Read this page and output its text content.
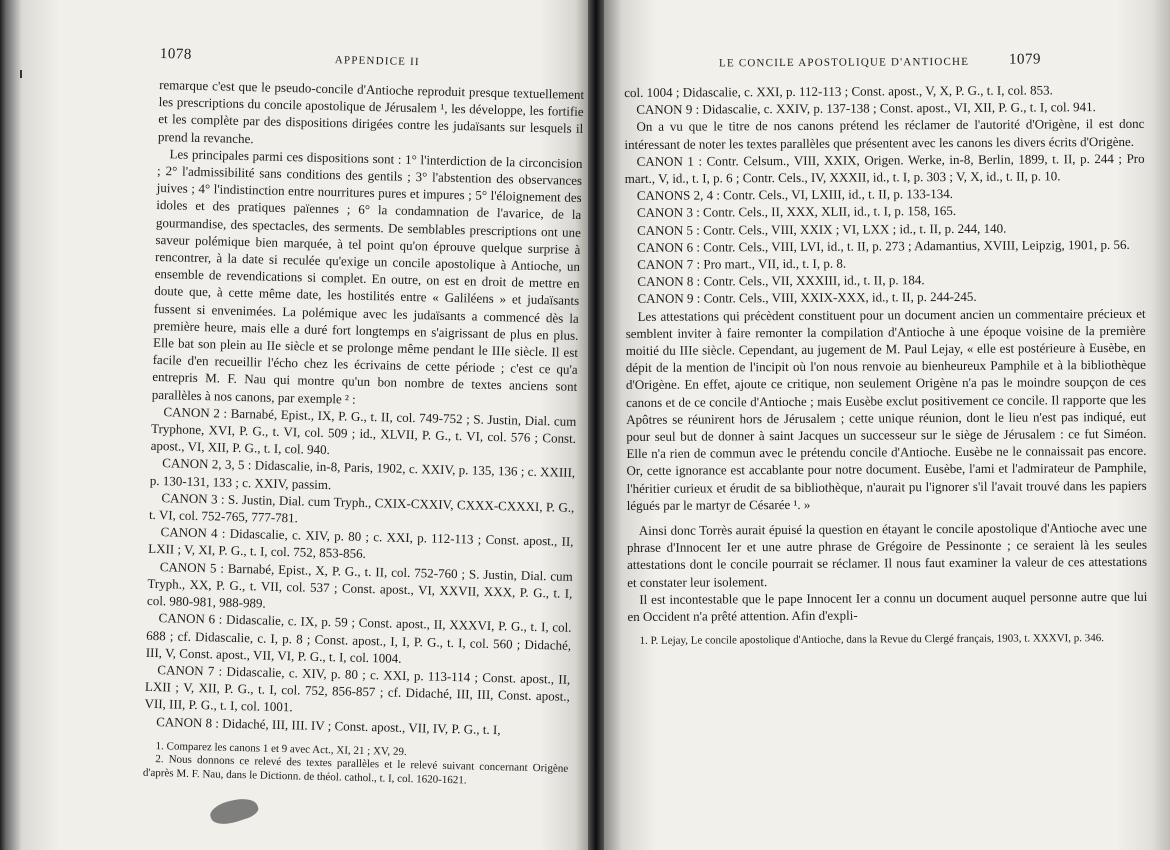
1078	APPENDICE II

remarque c'est que le pseudo-concile d'Antioche reproduit presque textuellement les prescriptions du concile apostolique de Jérusalem ¹, les développe, les fortifie et les complète par des dispositions dirigées contre les judaïsants sur lesquels il prend la revanche.

Les principales parmi ces dispositions sont : 1° l'interdiction de la circoncision ; 2° l'admissibilité sans conditions des gentils ; 3° l'abstention des observances juives ; 4° l'indistinction entre nourritures pures et impures ; 5° l'éloignement des idoles et des pratiques païennes ; 6° la condamnation de l'avarice, de la gourmandise, des spectacles, des serments. De semblables prescriptions ont une saveur polémique bien marquée, à tel point qu'on éprouve quelque surprise à rencontrer, à la date si reculée qu'exige un concile apostolique à Antioche, un ensemble de revendications si complet. En outre, on est en droit de mettre en doute que, à cette même date, les hostilités entre « Galiléens » et judaïsants fussent si envenimées. La polémique avec les judaïsants a commencé dès la première heure, mais elle a duré fort longtemps en s'aigrissant de plus en plus. Elle bat son plein au IIe siècle et se prolonge même pendant le IIIe siècle. Il est facile d'en recueillir l'écho chez les écrivains de cette période ; c'est ce qu'a entrepris M. F. Nau qui montre qu'un bon nombre de textes anciens sont parallèles à nos canons, par exemple ² :

CANON 2 : Barnabé, Epist., IX, P. G., t. II, col. 749-752 ; S. Justin, Dial. cum Tryphone, XVI, P. G., t. VI, col. 509 ; id., XLVII, P. G., t. VI, col. 576 ; Const. apost., VI, XII, P. G., t. I, col. 940.

CANON 2, 3, 5 : Didascalie, in-8, Paris, 1902, c. XXIV, p. 135, 136 ; c. XXIII, p. 130-131, 133 ; c. XXIV, passim.

CANON 3 : S. Justin, Dial. cum Tryph., CXIX-CXXIV, CXXX-CXXXI, P. G., t. VI, col. 752-765, 777-781.

CANON 4 : Didascalie, c. XIV, p. 80 ; c. XXI, p. 112-113 ; Const. apost., II, LXII ; V, XI, P. G., t. I, col. 752, 853-856.

CANON 5 : Barnabé, Epist., X, P. G., t. II, col. 752-760 ; S. Justin, Dial. cum Tryph., XX, P. G., t. VII, col. 537 ; Const. apost., VI, XXVII, XXX, P. G., t. I, col. 980-981, 988-989.

CANON 6 : Didascalie, c. IX, p. 59 ; Const. apost., II, XXXVI, P. G., t. I, col. 688 ; cf. Didascalie, c. I, p. 8 ; Const. apost., I, I, P. G., t. I, col. 560 ; Didaché, III, V, Const. apost., VII, VI, P. G., t. I, col. 1004.

CANON 7 : Didascalie, c. XIV, p. 80 ; c. XXI, p. 113-114 ; Const. apost., II, LXII ; V, XII, P. G., t. I, col. 752, 856-857 ; cf. Didaché, III, III, Const. apost., VII, III, P. G., t. I, col. 1001.

CANON 8 : Didaché, III, III. IV ; Const. apost., VII, IV, P. G., t. I,

1. Comparez les canons 1 et 9 avec Act., XI, 21 ; XV, 29.

2. Nous donnons ce relevé des textes parallèles et le relevé suivant concernant Origène d'après M. F. Nau, dans le Dictionn. de théol. cathol., t. I, col. 1620-1621.

LE CONCILE APOSTOLIQUE D'ANTIOCHE	1079

col. 1004 ; Didascalie, c. XXI, p. 112-113 ; Const. apost., V, X, P. G., t. I, col. 853.

CANON 9 : Didascalie, c. XXIV, p. 137-138 ; Const. apost., VI, XII, P. G., t. I, col. 941.

On a vu que le titre de nos canons prétend les réclamer de l'autorité d'Origène, il est donc intéressant de noter les textes parallèles que présentent avec les canons les divers écrits d'Origène.

CANON 1 : Contr. Celsum., VIII, XXIX, Origen. Werke, in-8, Berlin, 1899, t. II, p. 244 ; Pro mart., V, id., t. I, p. 6 ; Contr. Cels., IV, XXXII, id., t. I, p. 303 ; V, X, id., t. II, p. 10.

CANONS 2, 4 : Contr. Cels., VI, LXIII, id., t. II, p. 133-134.

CANON 3 : Contr. Cels., II, XXX, XLII, id., t. I, p. 158, 165.

CANON 5 : Contr. Cels., VIII, XXIX ; VI, LXX ; id., t. II, p. 244, 140.

CANON 6 : Contr. Cels., VIII, LVI, id., t. II, p. 273 ; Adamantius, XVIII, Leipzig, 1901, p. 56.

CANON 7 : Pro mart., VII, id., t. I, p. 8.

CANON 8 : Contr. Cels., VII, XXXIII, id., t. II, p. 184.

CANON 9 : Contr. Cels., VIII, XXIX-XXX, id., t. II, p. 244-245.

Les attestations qui précèdent constituent pour un document ancien un commentaire précieux et semblent inviter à faire remonter la compilation d'Antioche à une époque voisine de la première moitié du IIIe siècle. Cependant, au jugement de M. Paul Lejay, « elle est postérieure à Eusèbe, en dépit de la mention de l'incipit où l'on nous renvoie au bienheureux Pamphile et à la bibliothèque d'Origène. En effet, ajoute ce critique, non seulement Origène n'a pas le moindre soupçon de ces canons et de ce concile d'Antioche ; mais Eusèbe exclut positivement ce concile. Il rapporte que les Apôtres se réunirent hors de Jérusalem ; cette unique réunion, dont le lieu n'est pas indiqué, eut pour seul but de donner à saint Jacques un successeur sur le siège de Jérusalem : ce fut Siméon. Elle n'a rien de commun avec le prétendu concile d'Antioche. Eusèbe ne le connaissait pas encore. Or, cette ignorance est accablante pour notre document. Eusèbe, l'ami et l'admirateur de Pamphile, l'héritier curieux et érudit de sa bibliothèque, n'aurait pu l'ignorer s'il l'avait trouvé dans les papiers légués par le martyr de Césarée ¹. »

Ainsi donc Torrès aurait épuisé la question en étayant le concile apostolique d'Antioche avec une phrase d'Innocent Ier et une autre phrase de Grégoire de Pessinonte ; ce seraient là les seules attestations dont le concile pourrait se réclamer. Il nous faut examiner la valeur de ces attestations et constater leur isolement.

Il est incontestable que le pape Innocent Ier a connu un document auquel personne autre que lui en Occident n'a prêté attention. Afin d'expli-

1. P. Lejay, Le concile apostolique d'Antioche, dans la Revue du Clergé français, 1903, t. XXXVI, p. 346.
